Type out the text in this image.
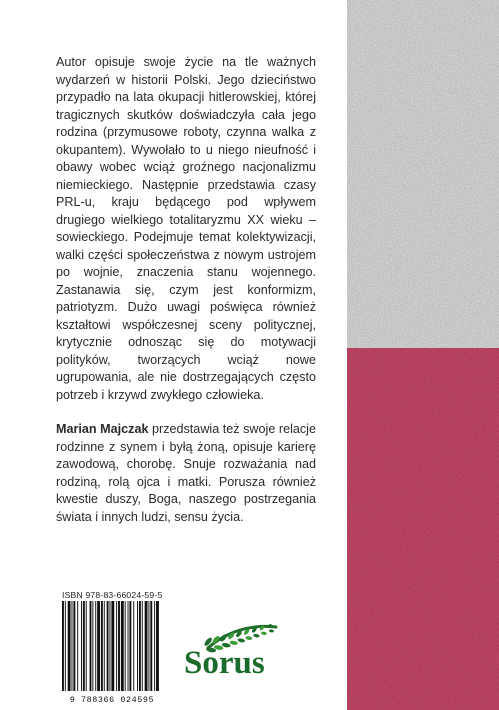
Autor opisuje swoje życie na tle ważnych wydarzeń w historii Polski. Jego dzieciństwo przypadło na lata okupacji hitlerowskiej, której tragicznych skutków doświadczyła cała jego rodzina (przymusowe roboty, czynna walka z okupantem). Wywołało to u niego nieufność i obawy wobec wciąż groźnego nacjonalizmu niemieckiego. Następnie przedstawia czasy PRL-u, kraju będącego pod wpływem drugiego wielkiego totalitaryzmu XX wieku – sowieckiego. Podejmuje temat kolektywizacji, walki części społeczeństwa z nowym ustrojem po wojnie, znaczenia stanu wojennego. Zastanawia się, czym jest konformizm, patriotyzm. Dużo uwagi poświęca również kształtowi współczesnej sceny politycznej, krytycznie odnosząc się do motywacji polityków, tworzących wciąż nowe ugrupowania, ale nie dostrzegających często potrzeb i krzywd zwykłego człowieka.

Marian Majczak przedstawia też swoje relacje rodzinne z synem i byłą żoną, opisuje karierę zawodową, chorobę. Snuje rozważania nad rodziną, rolą ojca i matki. Porusza również kwestie duszy, Boga, naszego postrzegania świata i innych ludzi, sensu życia.

ISBN 978-83-66024-59-5
9 788366 024595
Sorus
